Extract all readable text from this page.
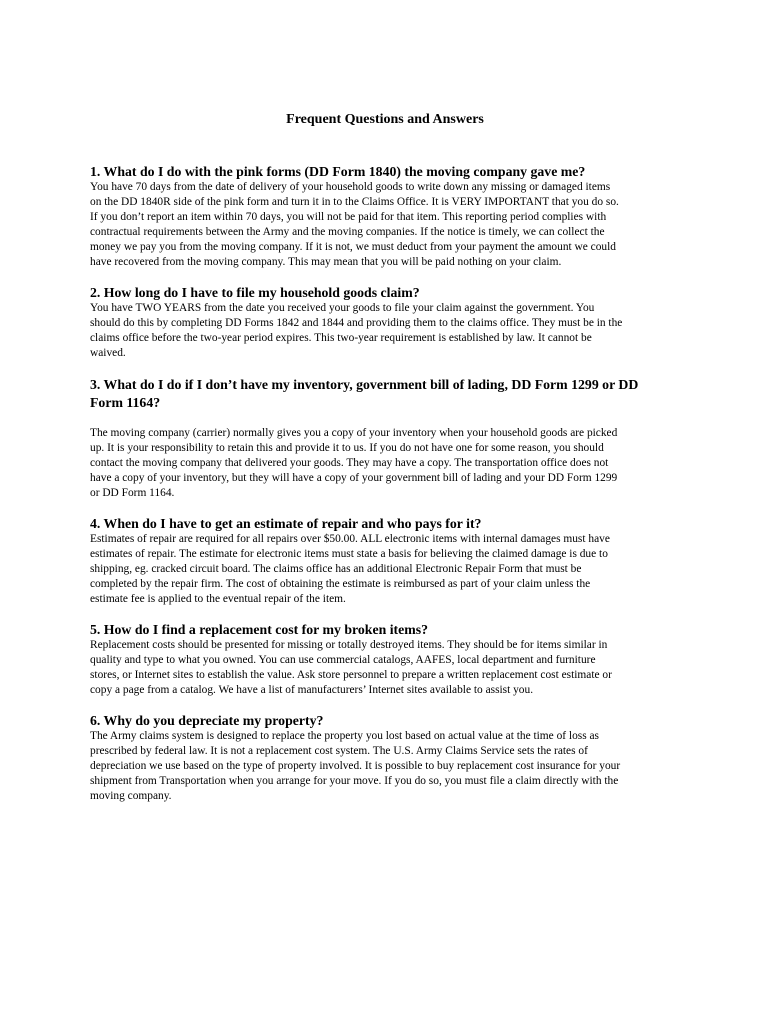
Frequent Questions and Answers
1. What do I do with the pink forms (DD Form 1840) the moving company gave me?
You have 70 days from the date of delivery of your household goods to write down any missing or damaged items
on the DD 1840R side of the pink form and turn it in to the Claims Office. It is VERY IMPORTANT that you do so.
If you don’t report an item within 70 days, you will not be paid for that item. This reporting period complies with
contractual requirements between the Army and the moving companies. If the notice is timely, we can collect the
money we pay you from the moving company. If it is not, we must deduct from your payment the amount we could
have recovered from the moving company. This may mean that you will be paid nothing on your claim.
2. How long do I have to file my household goods claim?
You have TWO YEARS from the date you received your goods to file your claim against the government. You
should do this by completing DD Forms 1842 and 1844 and providing them to the claims office. They must be in the
claims office before the two-year period expires. This two-year requirement is established by law. It cannot be
waived.
3. What do I do if I don’t have my inventory, government bill of lading, DD Form 1299 or DD
Form 1164?
The moving company (carrier) normally gives you a copy of your inventory when your household goods are picked
up. It is your responsibility to retain this and provide it to us. If you do not have one for some reason, you should
contact the moving company that delivered your goods. They may have a copy. The transportation office does not
have a copy of your inventory, but they will have a copy of your government bill of lading and your DD Form 1299
or DD Form 1164.
4. When do I have to get an estimate of repair and who pays for it?
Estimates of repair are required for all repairs over $50.00. ALL electronic items with internal damages must have
estimates of repair. The estimate for electronic items must state a basis for believing the claimed damage is due to
shipping, eg. cracked circuit board. The claims office has an additional Electronic Repair Form that must be
completed by the repair firm. The cost of obtaining the estimate is reimbursed as part of your claim unless the
estimate fee is applied to the eventual repair of the item.
5. How do I find a replacement cost for my broken items?
Replacement costs should be presented for missing or totally destroyed items. They should be for items similar in
quality and type to what you owned. You can use commercial catalogs, AAFES, local department and furniture
stores, or Internet sites to establish the value. Ask store personnel to prepare a written replacement cost estimate or
copy a page from a catalog. We have a list of manufacturers’ Internet sites available to assist you.
6. Why do you depreciate my property?
The Army claims system is designed to replace the property you lost based on actual value at the time of loss as
prescribed by federal law. It is not a replacement cost system. The U.S. Army Claims Service sets the rates of
depreciation we use based on the type of property involved. It is possible to buy replacement cost insurance for your
shipment from Transportation when you arrange for your move. If you do so, you must file a claim directly with the
moving company.
